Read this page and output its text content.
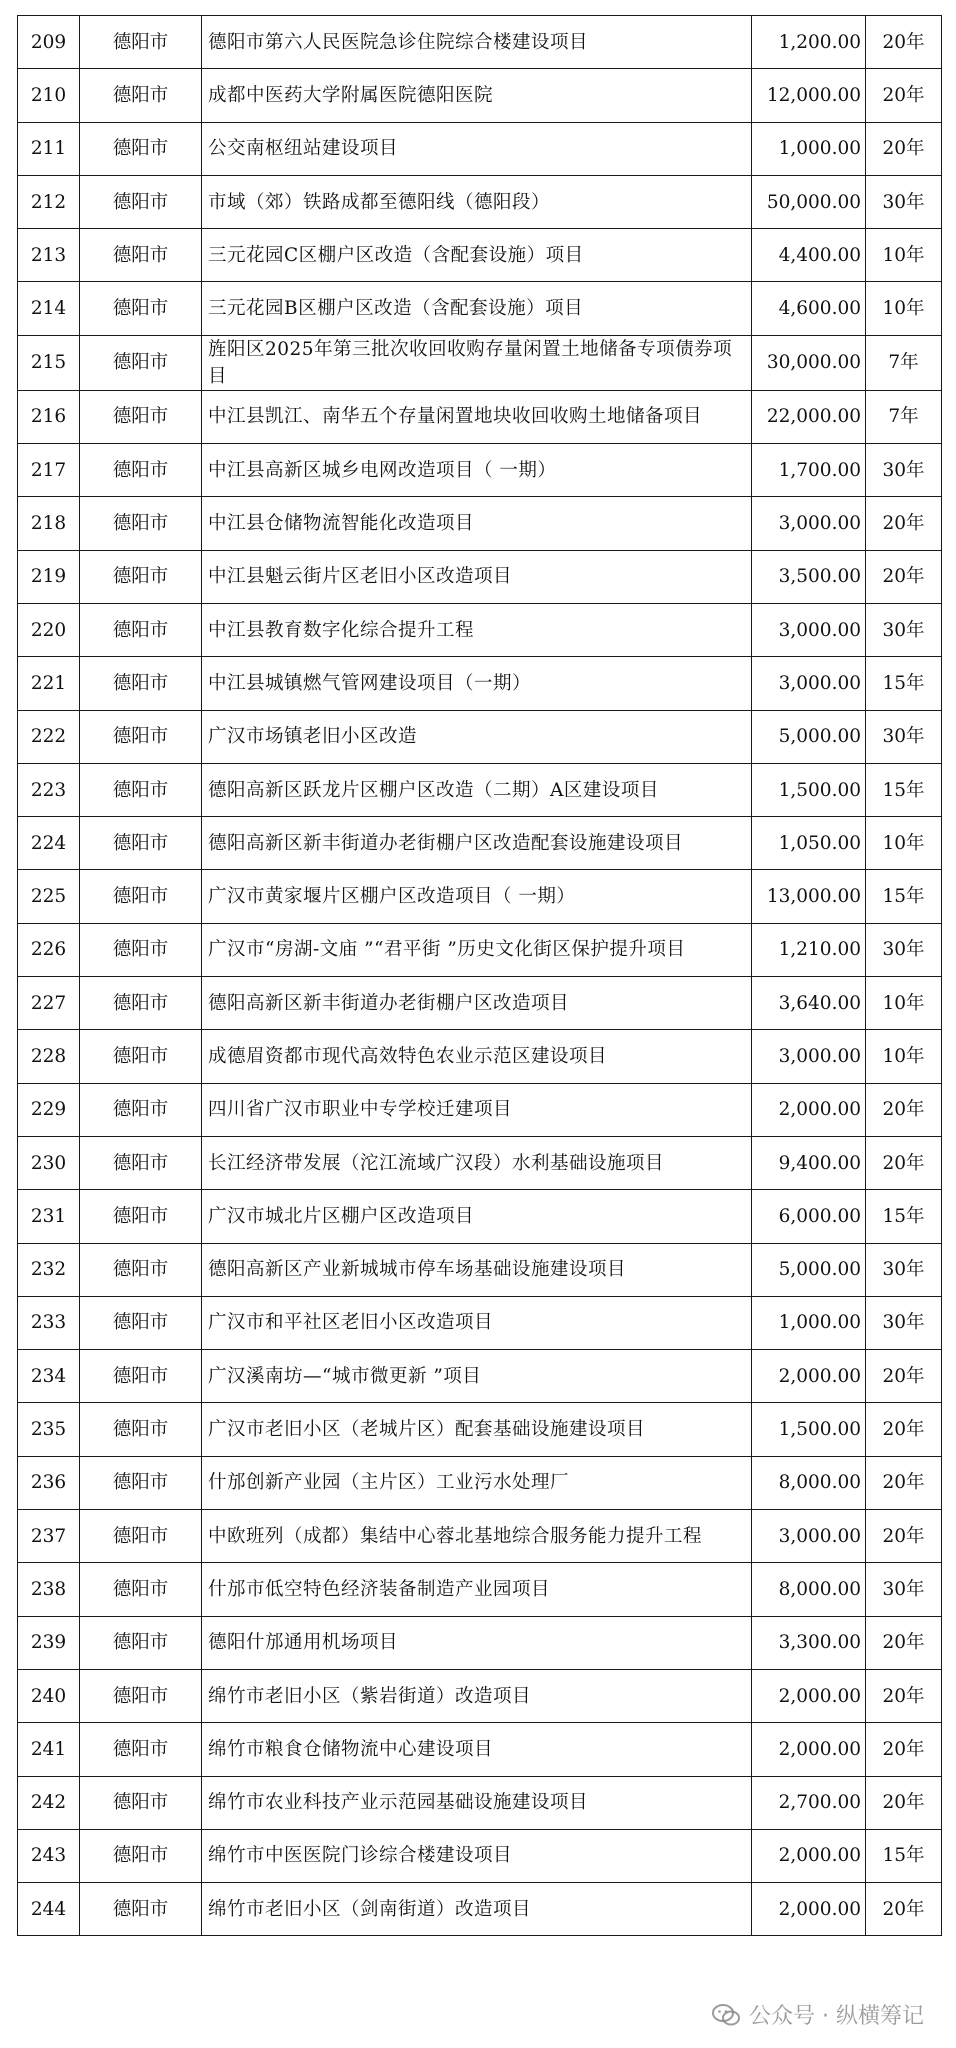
209	德阳市	德阳市第六人民医院急诊住院综合楼建设项目	1,200.00	20年
210	德阳市	成都中医药大学附属医院德阳医院	12,000.00	20年
211	德阳市	公交南枢纽站建设项目	1,000.00	20年
212	德阳市	市域（郊）铁路成都至德阳线（德阳段）	50,000.00	30年
213	德阳市	三元花园C区棚户区改造（含配套设施）项目	4,400.00	10年
214	德阳市	三元花园B区棚户区改造（含配套设施）项目	4,600.00	10年
215	德阳市	旌阳区2025年第三批次收回收购存量闲置土地储备专项债券项目	30,000.00	7年
216	德阳市	中江县凯江、南华五个存量闲置地块收回收购土地储备项目	22,000.00	7年
217	德阳市	中江县高新区城乡电网改造项目（ 一期）	1,700.00	30年
218	德阳市	中江县仓储物流智能化改造项目	3,000.00	20年
219	德阳市	中江县魁云街片区老旧小区改造项目	3,500.00	20年
220	德阳市	中江县教育数字化综合提升工程	3,000.00	30年
221	德阳市	中江县城镇燃气管网建设项目（一期）	3,000.00	15年
222	德阳市	广汉市场镇老旧小区改造	5,000.00	30年
223	德阳市	德阳高新区跃龙片区棚户区改造（二期）A区建设项目	1,500.00	15年
224	德阳市	德阳高新区新丰街道办老街棚户区改造配套设施建设项目	1,050.00	10年
225	德阳市	广汉市黄家堰片区棚户区改造项目（ 一期）	13,000.00	15年
226	德阳市	广汉市“房湖-文庙 ”“君平街 ”历史文化街区保护提升项目	1,210.00	30年
227	德阳市	德阳高新区新丰街道办老街棚户区改造项目	3,640.00	10年
228	德阳市	成德眉资都市现代高效特色农业示范区建设项目	3,000.00	10年
229	德阳市	四川省广汉市职业中专学校迁建项目	2,000.00	20年
230	德阳市	长江经济带发展（沱江流域广汉段）水利基础设施项目	9,400.00	20年
231	德阳市	广汉市城北片区棚户区改造项目	6,000.00	15年
232	德阳市	德阳高新区产业新城城市停车场基础设施建设项目	5,000.00	30年
233	德阳市	广汉市和平社区老旧小区改造项目	1,000.00	30年
234	德阳市	广汉溪南坊—“城市微更新 ”项目	2,000.00	20年
235	德阳市	广汉市老旧小区（老城片区）配套基础设施建设项目	1,500.00	20年
236	德阳市	什邡创新产业园（主片区）工业污水处理厂	8,000.00	20年
237	德阳市	中欧班列（成都）集结中心蓉北基地综合服务能力提升工程	3,000.00	20年
238	德阳市	什邡市低空特色经济装备制造产业园项目	8,000.00	30年
239	德阳市	德阳什邡通用机场项目	3,300.00	20年
240	德阳市	绵竹市老旧小区（紫岩街道）改造项目	2,000.00	20年
241	德阳市	绵竹市粮食仓储物流中心建设项目	2,000.00	20年
242	德阳市	绵竹市农业科技产业示范园基础设施建设项目	2,700.00	20年
243	德阳市	绵竹市中医医院门诊综合楼建设项目	2,000.00	15年
244	德阳市	绵竹市老旧小区（剑南街道）改造项目	2,000.00	20年
公众号 · 纵横筹记
